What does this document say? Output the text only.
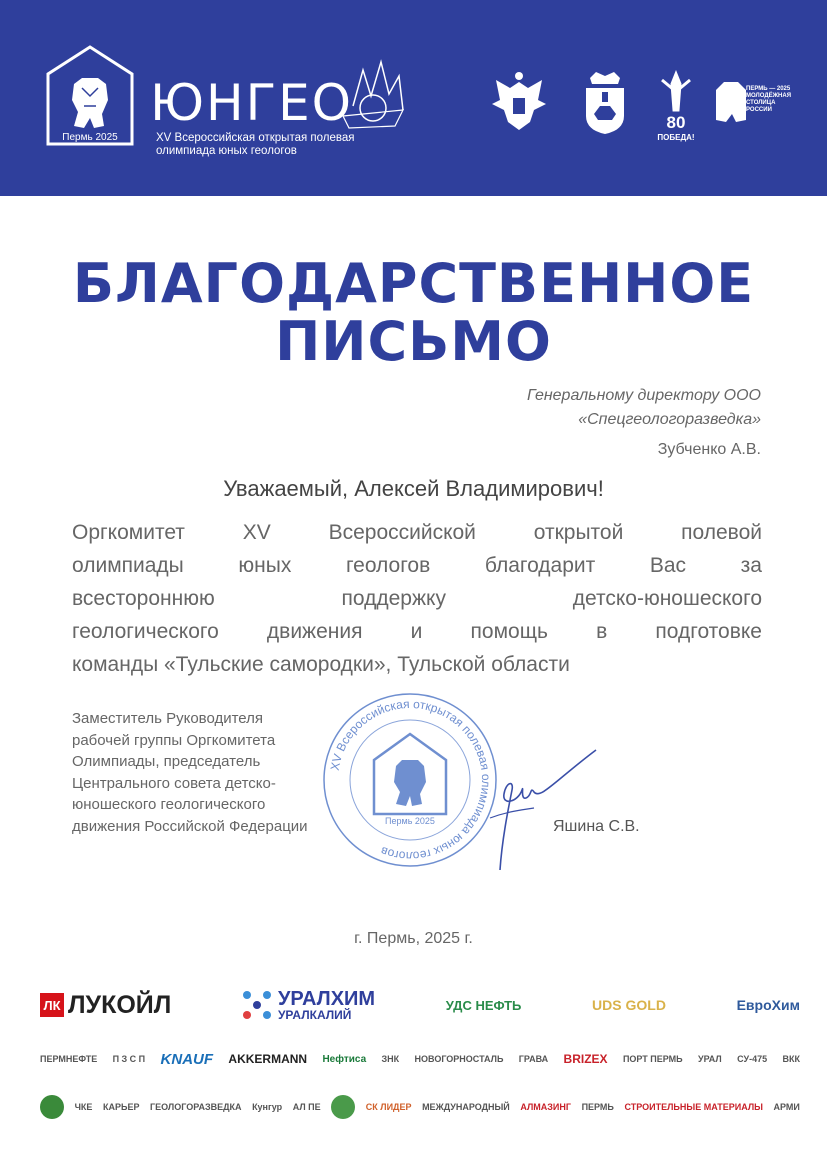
Пермь 2025
ЮНГЕО
XV Всероссийская открытая полевая
олимпиада юных геологов
80
ПОБЕДА!
ПЕРМЬ — 2025
МОЛОДЁЖНАЯ
СТОЛИЦА
РОССИИ
БЛАГОДАРСТВЕННОЕ
ПИСЬМО
Генеральному директору ООО
«Спецгеологоразведка»
Зубченко А.В.
Уважаемый, Алексей Владимирович!
Оргкомитет XV Всероссийской открытой полевой
олимпиады юных геологов благодарит Вас за
всестороннюю поддержку детско-юношеского
геологического движения и помощь в подготовке
команды «Тульские самородки», Тульской области
XV Всероссийская открытая полевая олимпиада юных геологов
Пермь 2025
Заместитель Руководителя
рабочей группы Оргкомитета
Олимпиады, председатель
Центрального совета детско-
юношеского геологического
движения Российской Федерации	Яшина С.В.
г. Пермь, 2025 г.
ЛК ЛУКОЙЛ	УРАЛХИМ
УРАЛКАЛИЙ
УДС НЕФТЬ	UDS GOLD	ЕвроХим
ПЕРМНЕФТЕ П З С П KNAUF AKKERMANN Нефтиса ЗНК НОВОГОРНОСТАЛЬ ГРАВА BRIZEX ПОРТ ПЕРМЬ УРАЛ СУ-475 ВКК
ЧКЕ КАРЬЕР ГЕОЛОГОРАЗВЕДКА Кунгур АЛ ПЕ	СК ЛИДЕР МЕЖДУНАРОДНЫЙ АЛМАЗИНГ ПЕРМЬ СТРОИТЕЛЬНЫЕ МАТЕРИАЛЫ АРМИ
